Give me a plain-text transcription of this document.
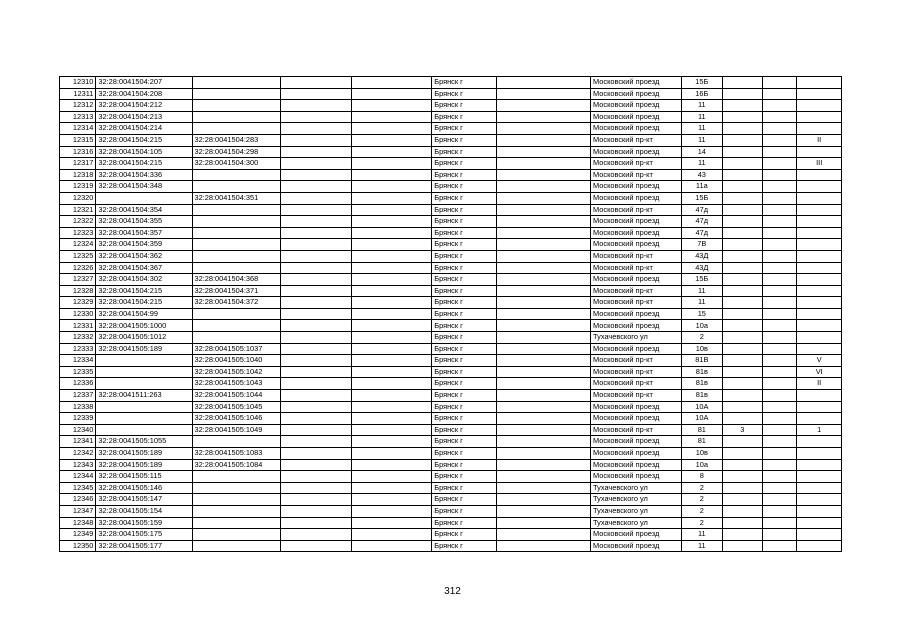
12310	32:28:0041504:207				Брянск г		Московский проезд	15Б			
12311	32:28:0041504:208				Брянск г		Московский проезд	16Б			
12312	32:28:0041504:212				Брянск г		Московский проезд	11			
12313	32:28:0041504:213				Брянск г		Московский проезд	11			
12314	32:28:0041504:214				Брянск г		Московский проезд	11			
12315	32:28:0041504:215	32:28:0041504:283			Брянск г		Московский пр-кт	11			II
12316	32:28:0041504:105	32:28:0041504:298			Брянск г		Московский проезд	14			
12317	32:28:0041504:215	32:28:0041504:300			Брянск г		Московский пр-кт	11			III
12318	32:28:0041504:336				Брянск г		Московский пр-кт	43			
12319	32:28:0041504:348				Брянск г		Московский проезд	11а			
12320		32:28:0041504:351			Брянск г		Московский проезд	15Б			
12321	32:28:0041504:354				Брянск г		Московский пр-кт	47д			
12322	32:28:0041504:355				Брянск г		Московский проезд	47д			
12323	32:28:0041504:357				Брянск г		Московский проезд	47д			
12324	32:28:0041504:359				Брянск г		Московский проезд	7В			
12325	32:28:0041504:362				Брянск г		Московский пр-кт	43Д			
12326	32:28:0041504:367				Брянск г		Московский пр-кт	43Д			
12327	32:28:0041504:302	32:28:0041504:368			Брянск г		Московский проезд	15Б			
12328	32:28:0041504:215	32:28:0041504:371			Брянск г		Московский пр-кт	11			
12329	32:28:0041504:215	32:28:0041504:372			Брянск г		Московский пр-кт	11			
12330	32:28:0041504:99				Брянск г		Московский проезд	15			
12331	32:28:0041505:1000				Брянск г		Московский проезд	10а			
12332	32:28:0041505:1012				Брянск г		Тухачевского ул	2			
12333	32:28:0041505:189	32:28:0041505:1037			Брянск г		Московский проезд	10в			
12334		32:28:0041505:1040			Брянск г		Московский пр-кт	81В			V
12335		32:28:0041505:1042			Брянск г		Московский пр-кт	81в			VI
12336		32:28:0041505:1043			Брянск г		Московский пр-кт	81в			II
12337	32:28:0041511:263	32:28:0041505:1044			Брянск г		Московский пр-кт	81в			
12338		32:28:0041505:1045			Брянск г		Московский проезд	10А			
12339		32:28:0041505:1046			Брянск г		Московский проезд	10А			
12340		32:28:0041505:1049			Брянск г		Московский пр-кт	81	3		1
12341	32:28:0041505:1055				Брянск г		Московский проезд	81			
12342	32:28:0041505:189	32:28:0041505:1083			Брянск г		Московский проезд	10в			
12343	32:28:0041505:189	32:28:0041505:1084			Брянск г		Московский проезд	10а			
12344	32:28:0041505:115				Брянск г		Московский проезд	8			
12345	32:28:0041505:146				Брянск г		Тухачевского ул	2			
12346	32:28:0041505:147				Брянск г		Тухачевского ул	2			
12347	32:28:0041505:154				Брянск г		Тухачевского ул	2			
12348	32:28:0041505:159				Брянск г		Тухачевского ул	2			
12349	32:28:0041505:175				Брянск г		Московский проезд	11			
12350	32:28:0041505:177				Брянск г		Московский проезд	11			
312
